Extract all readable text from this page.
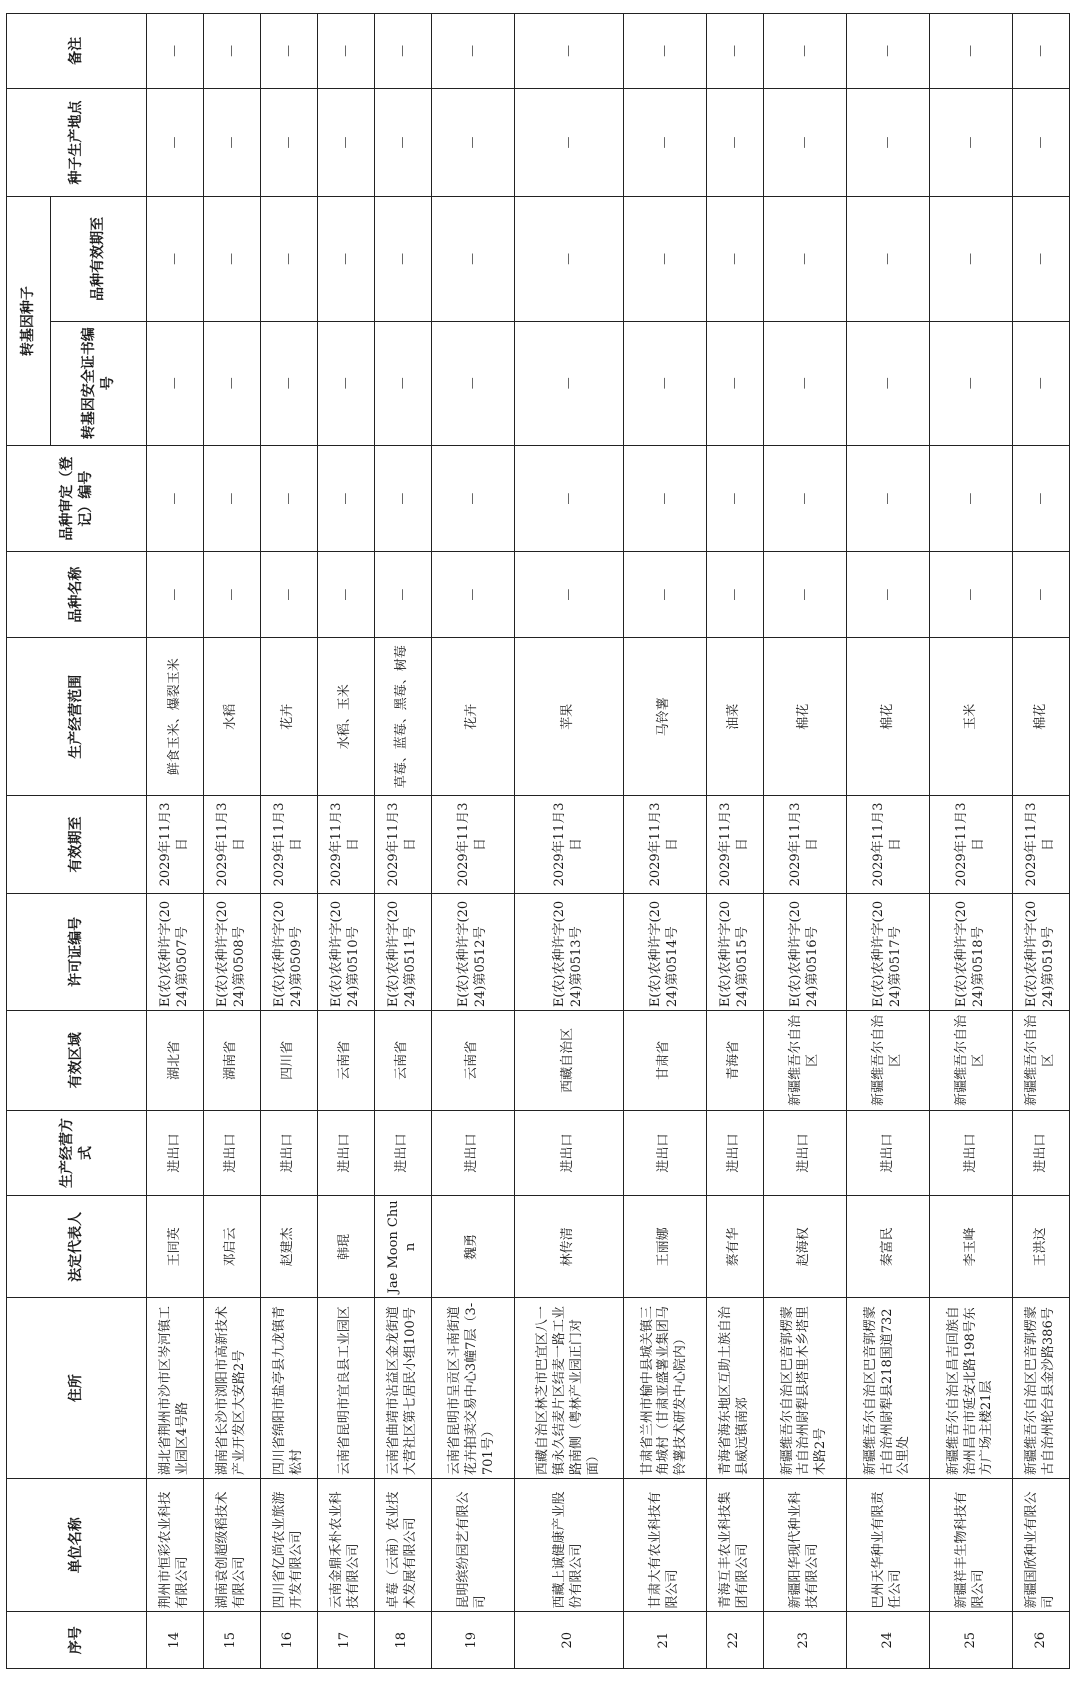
序号	单位名称	住所	法定代表人	生产经营方式	有效区域	许可证编号	有效期至	生产经营范围	品种名称	品种审定（登记）编号	转基因种子		种子生产地点	备注
											转基因安全证书编号	品种有效期至		
14	荆州市恒彩农业科技有限公司	湖北省荆州市沙市区岑河镇工业园区4号路	王同英	进出口	湖北省	E(农)农种许字(2024)第0507号	2029年11月3日	鲜食玉米、爆裂玉米	—	—	—	—	—	—
15	湖南袁创超级稻技术有限公司	湖南省长沙市浏阳市高新技术产业开发区大安路2号	邓启云	进出口	湖南省	E(农)农种许字(2024)第0508号	2029年11月3日	水稻	—	—	—	—	—	—
16	四川省亿尚农业旅游开发有限公司	四川省绵阳市盐亭县九龙镇青松村	赵建杰	进出口	四川省	E(农)农种许字(2024)第0509号	2029年11月3日	花卉	—	—	—	—	—	—
17	云南金鼎禾朴农业科技有限公司	云南省昆明市宜良县工业园区	韩琨	进出口	云南省	E(农)农种许字(2024)第0510号	2029年11月3日	水稻、玉米	—	—	—	—	—	—
18	卓莓（云南）农业技术发展有限公司	云南省曲靖市沾益区金龙街道大营社区第七居民小组100号	Jae Moon Chun	进出口	云南省	E(农)农种许字(2024)第0511号	2029年11月3日	草莓、蓝莓、黑莓、树莓	—	—	—	—	—	—
19	昆明缤纷园艺有限公司	云南省昆明市呈贡区斗南街道花卉拍卖交易中心3幢7层（3-701号）	魏勇	进出口	云南省	E(农)农种许字(2024)第0512号	2029年11月3日	花卉	—	—	—	—	—	—
20	西藏上诚健康产业股份有限公司	西藏自治区林芝市巴宜区八一镇永久结麦片区结麦一路工业路南侧（粤林产业园正门对面）	林传清	进出口	西藏自治区	E(农)农种许字(2024)第0513号	2029年11月3日	苹果	—	—	—	—	—	—
21	甘肃大有农业科技有限公司	甘肃省兰州市榆中县城关镇三角城村（甘肃亚盛薯业集团马铃薯技术研发中心院内）	王丽娜	进出口	甘肃省	E(农)农种许字(2024)第0514号	2029年11月3日	马铃薯	—	—	—	—	—	—
22	青海互丰农业科技集团有限公司	青海省海东地区互助土族自治县威远镇南郊	蔡有华	进出口	青海省	E(农)农种许字(2024)第0515号	2029年11月3日	油菜	—	—	—	—	—	—
23	新疆阳华现代种业科技有限公司	新疆维吾尔自治区巴音郭楞蒙古自治州尉犁县塔里木乡塔里木路2号	赵海权	进出口	新疆维吾尔自治区	E(农)农种许字(2024)第0516号	2029年11月3日	棉花	—	—	—	—	—	—
24	巴州天华种业有限责任公司	新疆维吾尔自治区巴音郭楞蒙古自治州尉犁县218国道732公里处	秦富民	进出口	新疆维吾尔自治区	E(农)农种许字(2024)第0517号	2029年11月3日	棉花	—	—	—	—	—	—
25	新疆祥丰生物科技有限公司	新疆维吾尔自治区昌吉回族自治州昌吉市延安北路198号东方广场主楼21层	李玉峰	进出口	新疆维吾尔自治区	E(农)农种许字(2024)第0518号	2029年11月3日	玉米	—	—	—	—	—	—
26	新疆国欣种业有限公司	新疆维吾尔自治区巴音郭楞蒙古自治州轮台县金沙路386号	王洪这	进出口	新疆维吾尔自治区	E(农)农种许字(2024)第0519号	2029年11月3日	棉花	—	—	—	—	—	—
